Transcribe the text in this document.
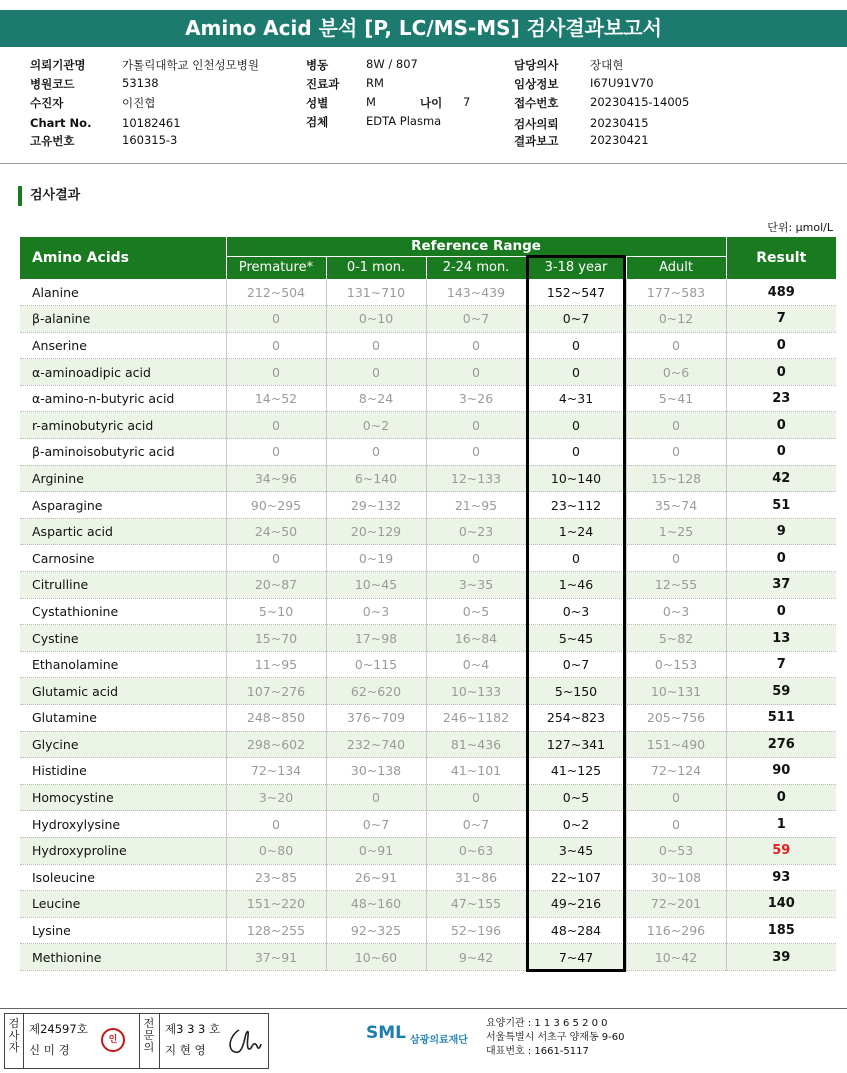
Amino Acid 분석 [P, LC/MS-MS] 검사결과보고서
의뢰기관명	가톨릭대학교 인천성모병원
병원코드	53138
수진자	이진협
Chart No.	10182461
고유번호	160315-3
병동	8W / 807
진료과 RM
성별	M	나이 7
검체	EDTA Plasma
담당의사	장대현
임상정보	I67U91V70
접수번호	20230415-14005
검사의뢰	20230415
결과보고	20230421
검사결과
단위: μmol/L
Amino Acids	Reference Range					Result
	Premature*	0-1 mon.	2-24 mon.	3-18 year	Adult	
Alanine	212~504	131~710	143~439	152~547	177~583	489
β-alanine	0	0~10	0~7	0~7	0~12	7
Anserine	0	0	0	0	0	0
α-aminoadipic acid	0	0	0	0	0~6	0
α-amino-n-butyric acid	14~52	8~24	3~26	4~31	5~41	23
r-aminobutyric acid	0	0~2	0	0	0	0
β-aminoisobutyric acid	0	0	0	0	0	0
Arginine	34~96	6~140	12~133	10~140	15~128	42
Asparagine	90~295	29~132	21~95	23~112	35~74	51
Aspartic acid	24~50	20~129	0~23	1~24	1~25	9
Carnosine	0	0~19	0	0	0	0
Citrulline	20~87	10~45	3~35	1~46	12~55	37
Cystathionine	5~10	0~3	0~5	0~3	0~3	0
Cystine	15~70	17~98	16~84	5~45	5~82	13
Ethanolamine	11~95	0~115	0~4	0~7	0~153	7
Glutamic acid	107~276	62~620	10~133	5~150	10~131	59
Glutamine	248~850	376~709	246~1182	254~823	205~756	511
Glycine	298~602	232~740	81~436	127~341	151~490	276
Histidine	72~134	30~138	41~101	41~125	72~124	90
Homocystine	3~20	0	0	0~5	0	0
Hydroxylysine	0	0~7	0~7	0~2	0	1
Hydroxyproline	0~80	0~91	0~63	3~45	0~53	59
Isoleucine	23~85	26~91	31~86	22~107	30~108	93
Leucine	151~220	48~160	47~155	49~216	72~201	140
Lysine	128~255	92~325	52~196	48~284	116~296	185
Methionine	37~91	10~60	9~42	7~47	10~42	39
검사자
제24597호
신 미 경
인
전문의
제3 3 3 호
지 현 영
SML 삼광의료재단
요양기관 : 1 1 3 6 5 2 0 0
서울특별시 서초구 양재동 9-60
대표번호 : 1661-5117
